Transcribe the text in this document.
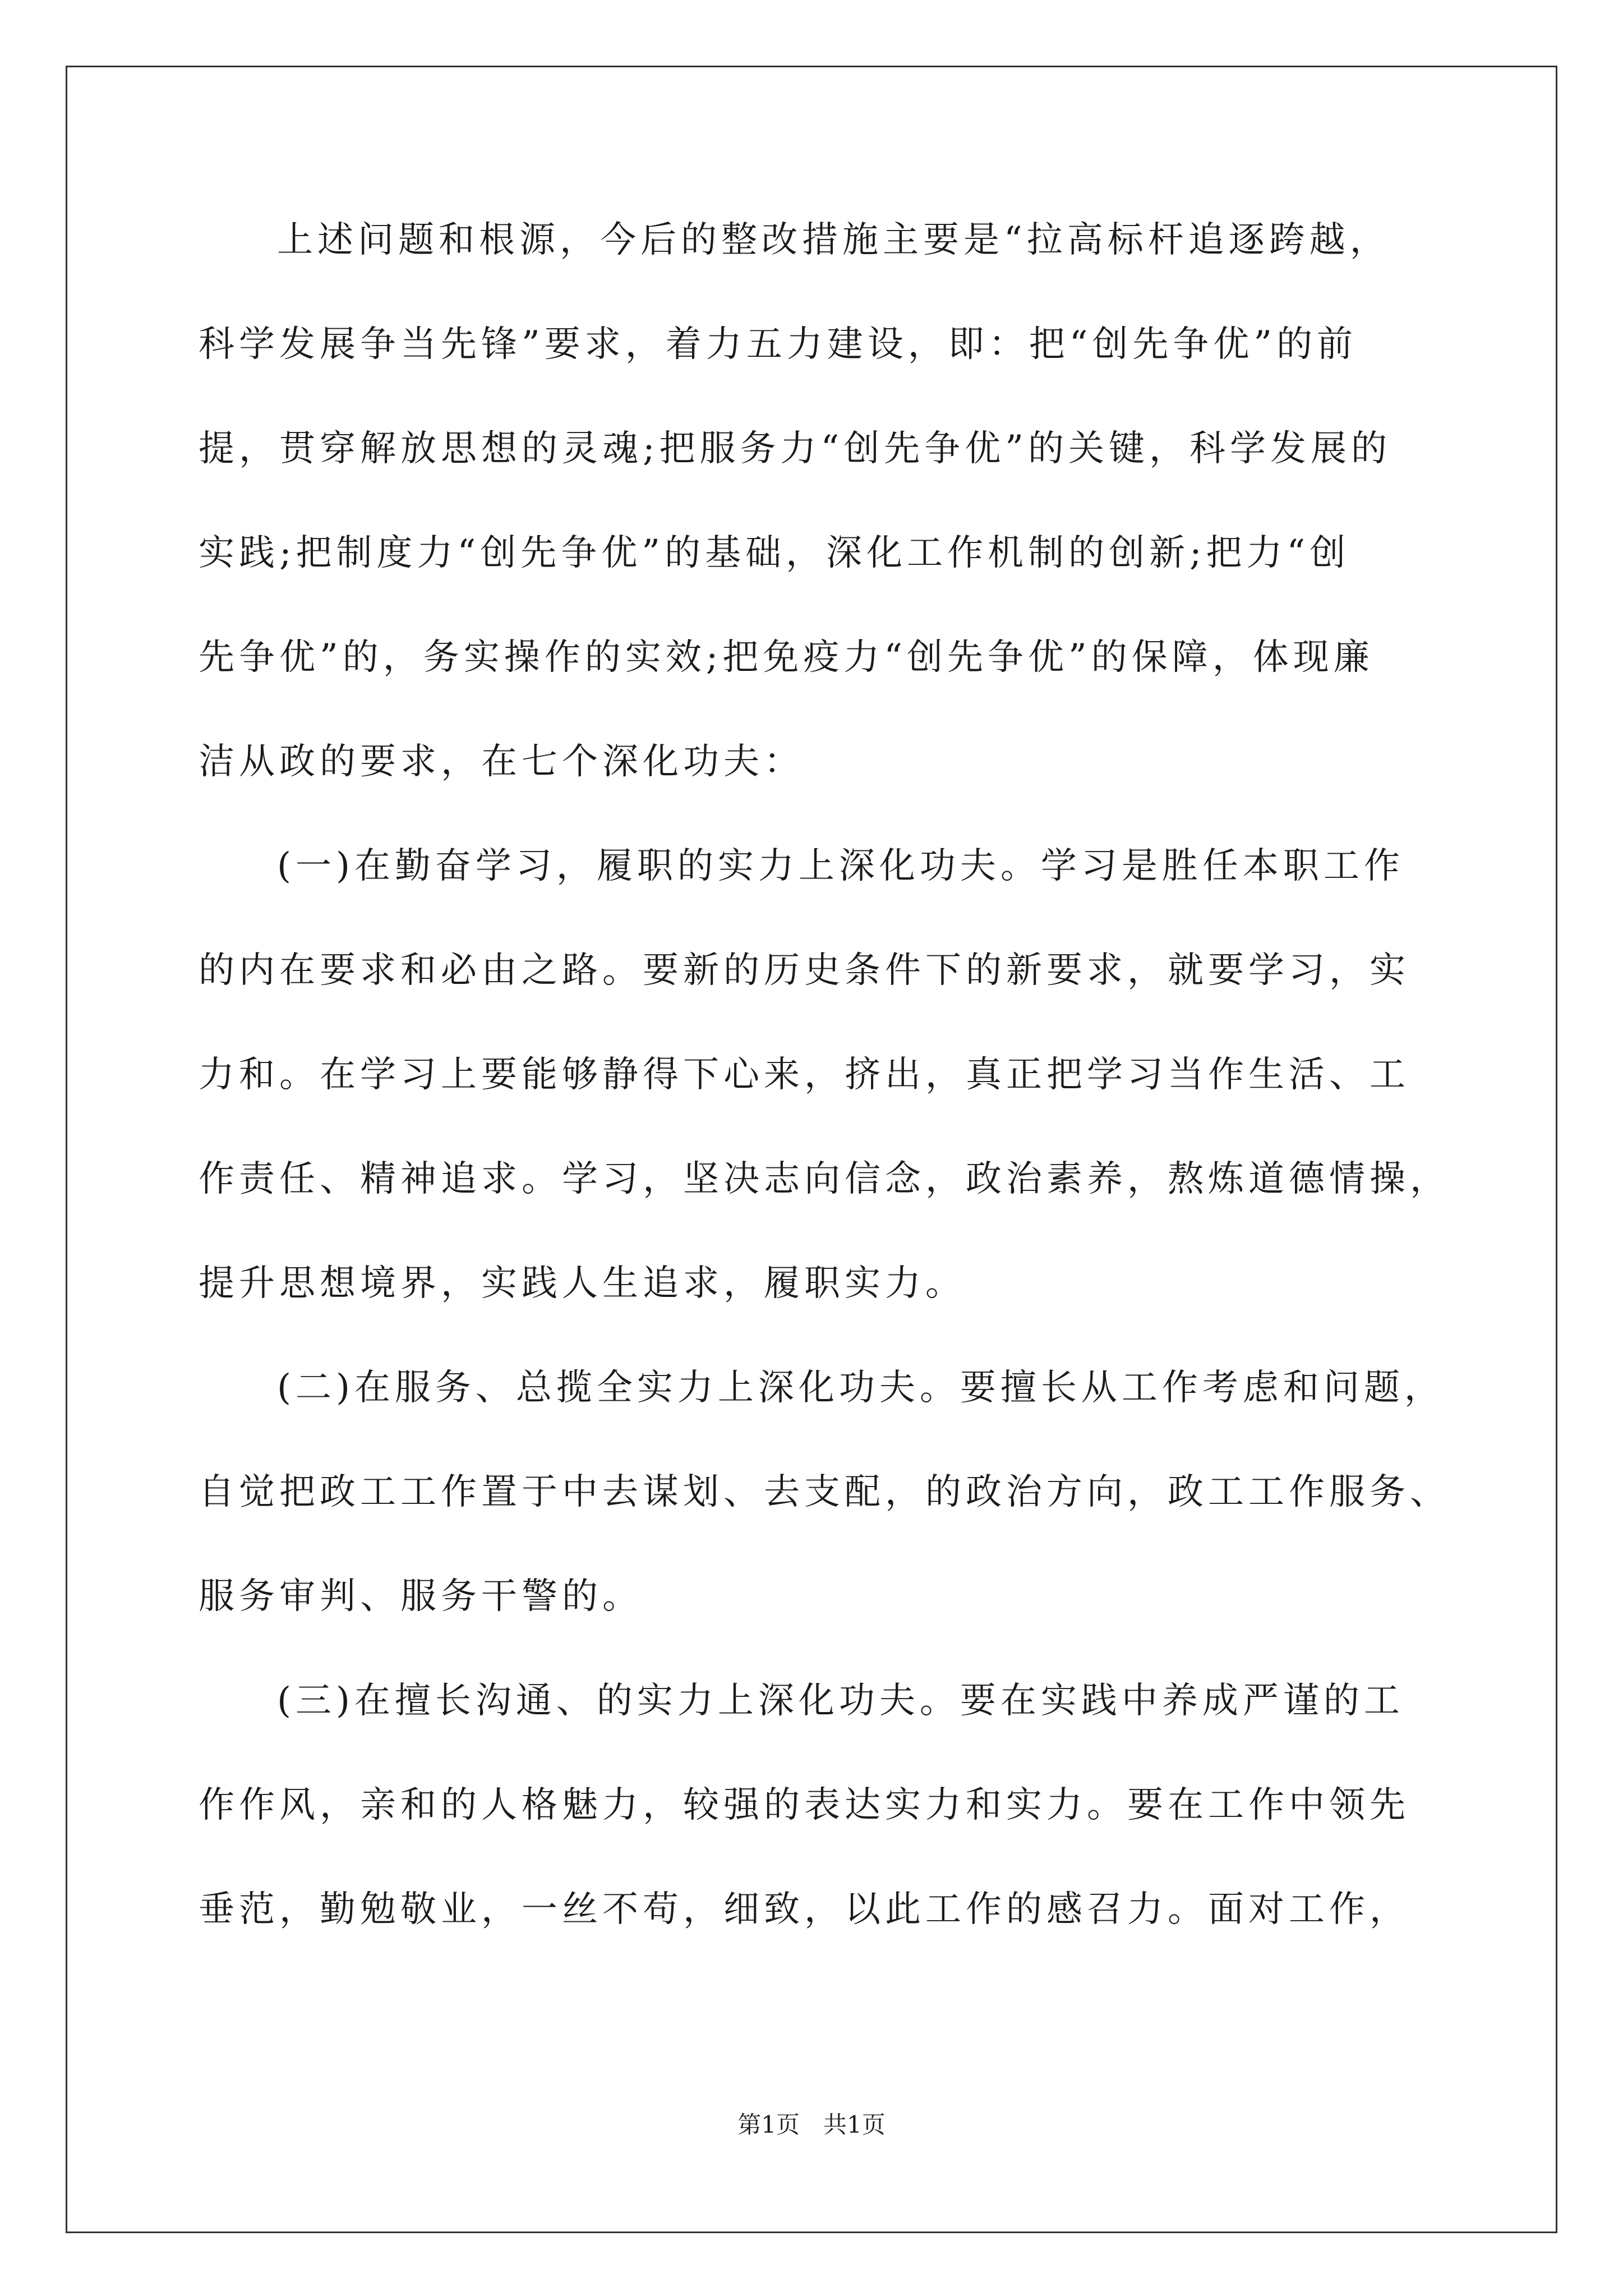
上述问题和根源，今后的整改措施主要是“拉高标杆追逐跨越，
科学发展争当先锋”要求，着力五力建设，即：把“创先争优”的前
提，贯穿解放思想的灵魂;把服务力“创先争优”的关键，科学发展的
实践;把制度力“创先争优”的基础，深化工作机制的创新;把力“创
先争优”的，务实操作的实效;把免疫力“创先争优”的保障，体现廉
洁从政的要求，在七个深化功夫：
(一)在勤奋学习，履职的实力上深化功夫。学习是胜任本职工作
的内在要求和必由之路。要新的历史条件下的新要求，就要学习，实
力和。在学习上要能够静得下心来，挤出，真正把学习当作生活、工
作责任、精神追求。学习，坚决志向信念，政治素养，熬炼道德情操，
提升思想境界，实践人生追求，履职实力。
(二)在服务、总揽全实力上深化功夫。要擅长从工作考虑和问题，
自觉把政工工作置于中去谋划、去支配，的政治方向，政工工作服务、
服务审判、服务干警的。
(三)在擅长沟通、的实力上深化功夫。要在实践中养成严谨的工
作作风，亲和的人格魅力，较强的表达实力和实力。要在工作中领先
垂范，勤勉敬业，一丝不苟，细致，以此工作的感召力。面对工作，
第1页　共1页
